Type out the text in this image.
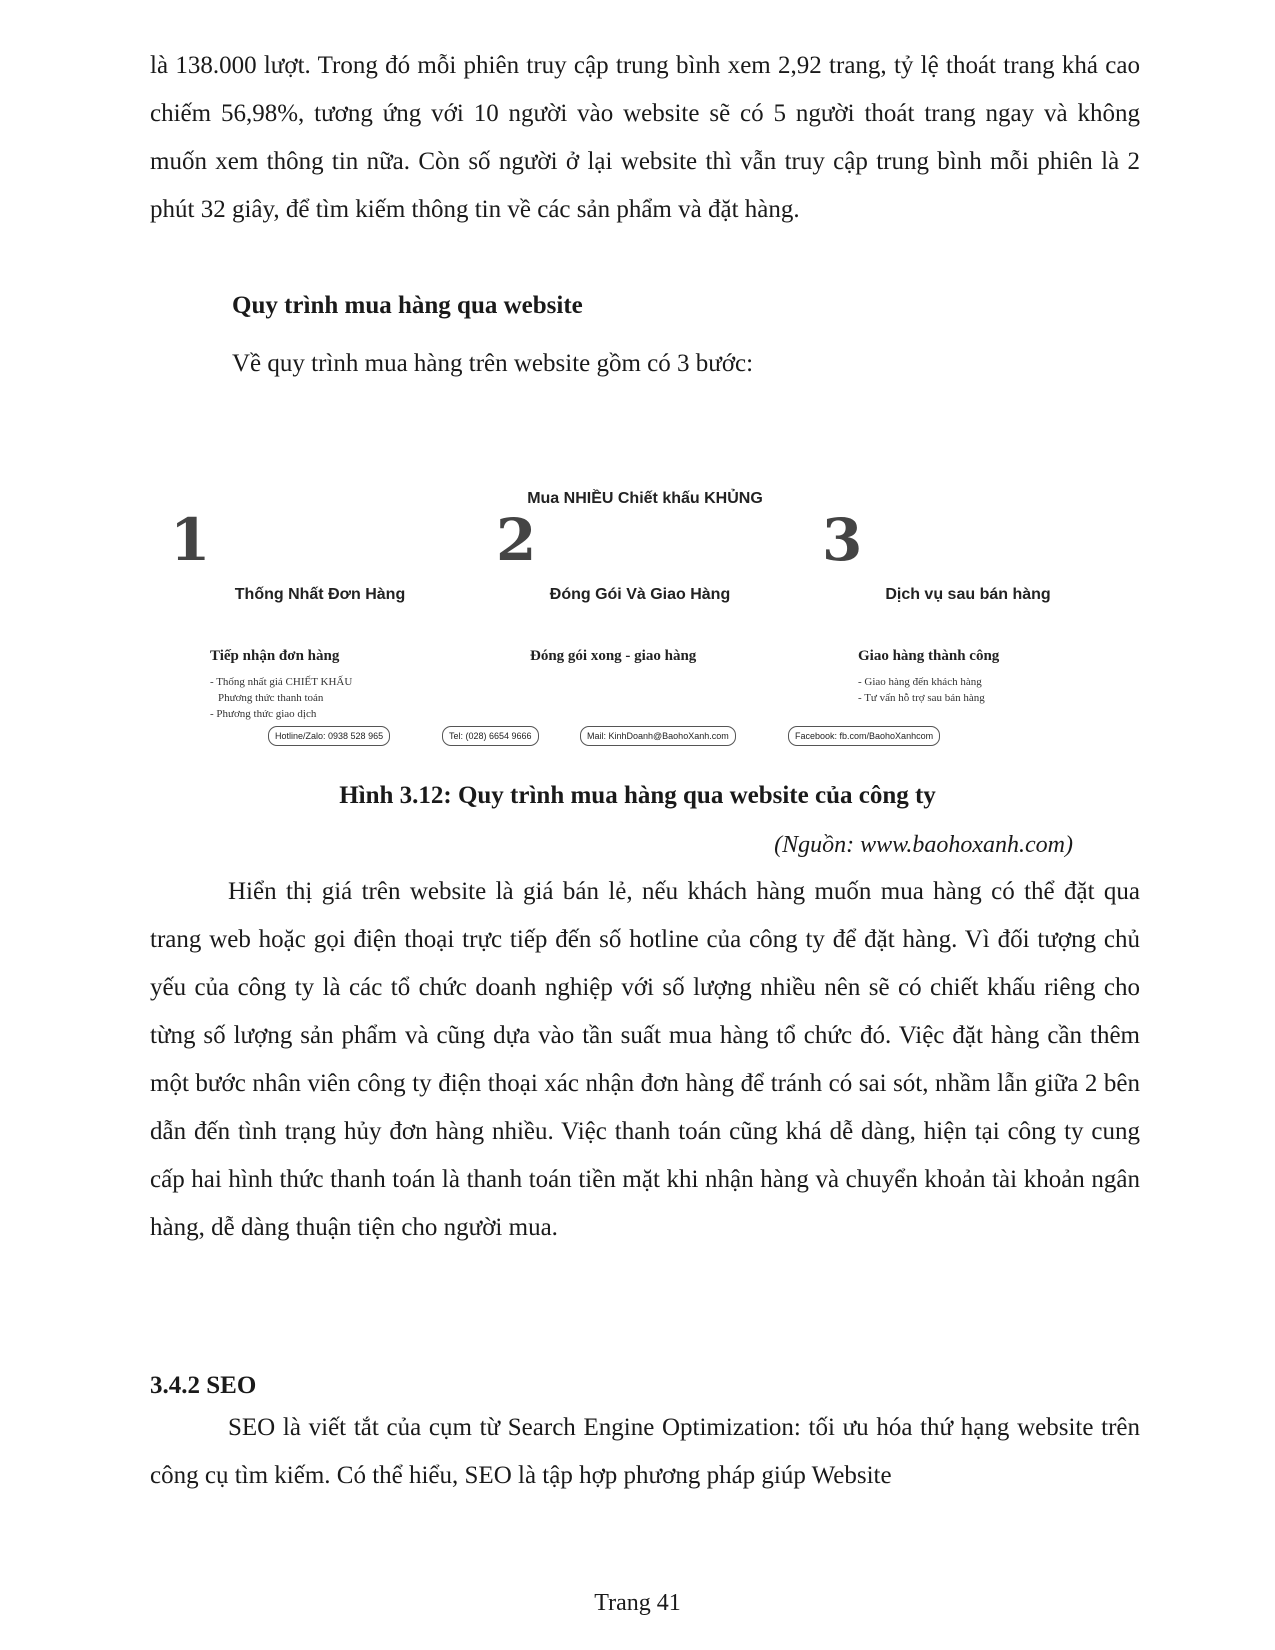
là 138.000 lượt. Trong đó mỗi phiên truy cập trung bình xem 2,92 trang, tỷ lệ thoát trang khá cao chiếm 56,98%, tương ứng với 10 người vào website sẽ có 5 người thoát trang ngay và không muốn xem thông tin nữa. Còn số người ở lại website thì vẫn truy cập trung bình mỗi phiên là 2 phút 32 giây, để tìm kiếm thông tin về các sản phẩm và đặt hàng.

Quy trình mua hàng qua website

Về quy trình mua hàng trên website gồm có 3 bước:

Mua NHIỀU Chiết khấu KHỦNG
1
Thống Nhất Đơn Hàng
Tiếp nhận đơn hàng
- Thống nhất giá CHIẾT KHẤU
Phương thức thanh toán
- Phương thức giao dịch
2
Đóng Gói Và Giao Hàng
Đóng gói xong - giao hàng
3
Dịch vụ sau bán hàng
Giao hàng thành công
- Giao hàng đến khách hàng
- Tư vấn hỗ trợ sau bán hàng
Hotline/Zalo: 0938 528 965	Tel: (028) 6654 9666	Mail: KinhDoanh@BaohoXanh.com	Facebook: fb.com/BaohoXanhcom

Hình 3.12: Quy trình mua hàng qua website của công ty

(Nguồn: www.baohoxanh.com)

Hiển thị giá trên website là giá bán lẻ, nếu khách hàng muốn mua hàng có thể đặt qua trang web hoặc gọi điện thoại trực tiếp đến số hotline của công ty để đặt hàng. Vì đối tượng chủ yếu của công ty là các tổ chức doanh nghiệp với số lượng nhiều nên sẽ có chiết khấu riêng cho từng số lượng sản phẩm và cũng dựa vào tần suất mua hàng tổ chức đó. Việc đặt hàng cần thêm một bước nhân viên công ty điện thoại xác nhận đơn hàng để tránh có sai sót, nhầm lẫn giữa 2 bên dẫn đến tình trạng hủy đơn hàng nhiều. Việc thanh toán cũng khá dễ dàng, hiện tại công ty cung cấp hai hình thức thanh toán là thanh toán tiền mặt khi nhận hàng và chuyển khoản tài khoản ngân hàng, dễ dàng thuận tiện cho người mua.

3.4.2 SEO

SEO là viết tắt của cụm từ Search Engine Optimization: tối ưu hóa thứ hạng website trên công cụ tìm kiếm. Có thể hiểu, SEO là tập hợp phương pháp giúp Website

Trang 41
